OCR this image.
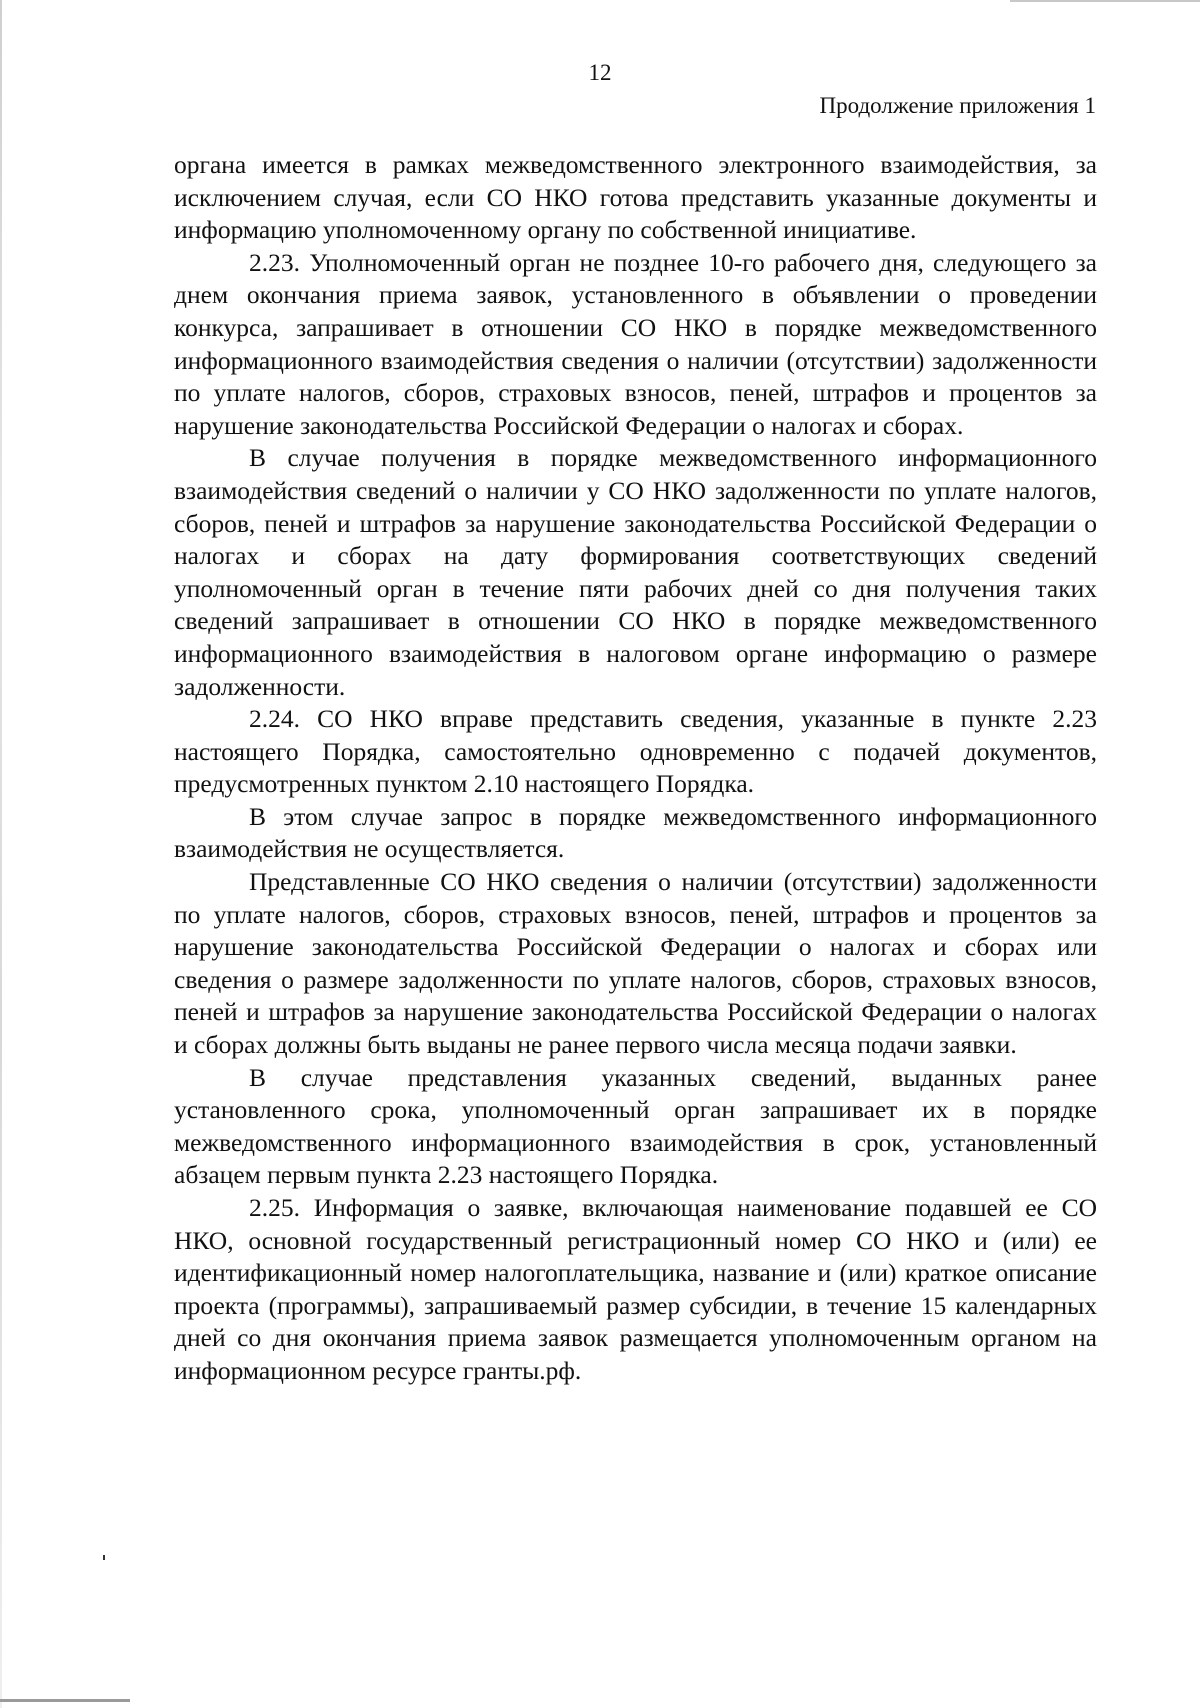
12
Продолжение приложения 1

органа имеется в рамках межведомственного электронного взаимодействия, за исключением случая, если СО НКО готова представить указанные документы и информацию уполномоченному органу по собственной инициативе.

2.23. Уполномоченный орган не позднее 10-го рабочего дня, следующего за днем окончания приема заявок, установленного в объявлении о проведении конкурса, запрашивает в отношении СО НКО в порядке межведомственного информационного взаимодействия сведения о наличии (отсутствии) задолженности по уплате налогов, сборов, страховых взносов, пеней, штрафов и процентов за нарушение законодательства Российской Федерации о налогах и сборах.

В случае получения в порядке межведомственного информационного взаимодействия сведений о наличии у СО НКО задолженности по уплате налогов, сборов, пеней и штрафов за нарушение законодательства Российской Федерации о налогах и сборах на дату формирования соответствующих сведений уполномоченный орган в течение пяти рабочих дней со дня получения таких сведений запрашивает в отношении СО НКО в порядке межведомственного информационного взаимодействия в налоговом органе информацию о размере задолженности.

2.24. СО НКО вправе представить сведения, указанные в пункте 2.23 настоящего Порядка, самостоятельно одновременно с подачей документов, предусмотренных пунктом 2.10 настоящего Порядка.

В этом случае запрос в порядке межведомственного информационного взаимодействия не осуществляется.

Представленные СО НКО сведения о наличии (отсутствии) задолженности по уплате налогов, сборов, страховых взносов, пеней, штрафов и процентов за нарушение законодательства Российской Федерации о налогах и сборах или сведения о размере задолженности по уплате налогов, сборов, страховых взносов, пеней и штрафов за нарушение законодательства Российской Федерации о налогах и сборах должны быть выданы не ранее первого числа месяца подачи заявки.

В случае представления указанных сведений, выданных ранее установленного срока, уполномоченный орган запрашивает их в порядке межведомственного информационного взаимодействия в срок, установленный абзацем первым пункта 2.23 настоящего Порядка.

2.25. Информация о заявке, включающая наименование подавшей ее СО НКО, основной государственный регистрационный номер СО НКО и (или) ее идентификационный номер налогоплательщика, название и (или) краткое описание проекта (программы), запрашиваемый размер субсидии, в течение 15 календарных дней со дня окончания приема заявок размещается уполномоченным органом на информационном ресурсе гранты.рф.
